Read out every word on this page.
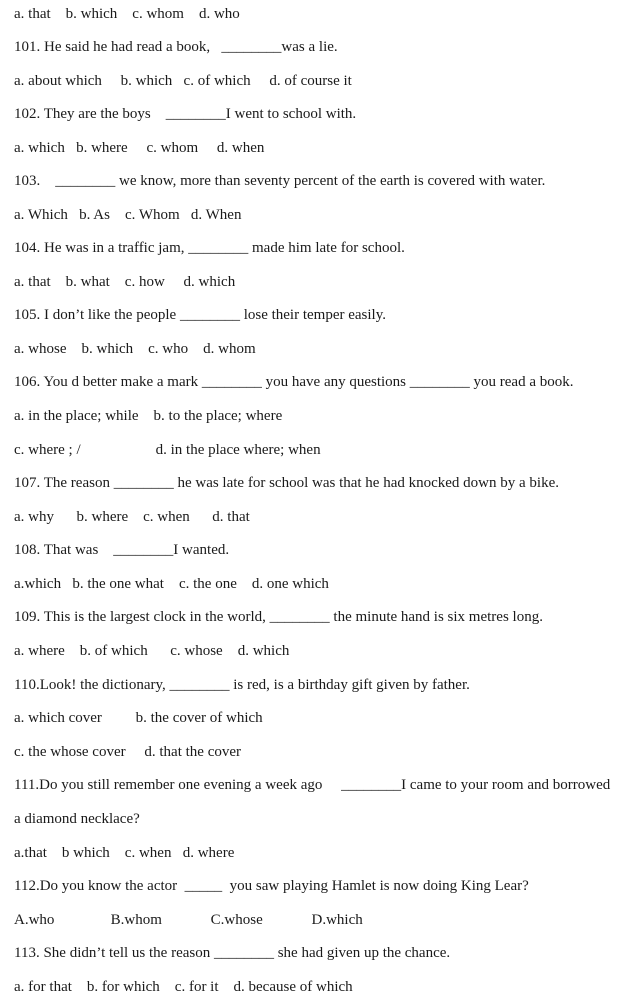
a. that    b. which    c. whom    d. who
101. He said he had read a book,   ________was a lie.
a. about which     b. which   c. of which     d. of course it
102. They are the boys    ________I went to school with.
a. which   b. where     c. whom     d. when
103.    ________ we know, more than seventy percent of the earth is covered with water.
a. Which   b. As    c. Whom   d. When
104. He was in a traffic jam, ________ made him late for school.
a. that    b. what    c. how     d. which
105. I don’t like the people ________ lose their temper easily.
a. whose    b. which    c. who    d. whom
106. You d better make a mark ________ you have any questions ________ you read a book.
a. in the place; while    b. to the place; where
c. where ; /                    d. in the place where; when
107. The reason ________ he was late for school was that he had knocked down by a bike.
a. why      b. where    c. when      d. that
108. That was    ________I wanted.
a.which   b. the one what    c. the one    d. one which
109. This is the largest clock in the world, ________ the minute hand is six metres long.
a. where    b. of which      c. whose    d. which
110.Look! the dictionary, ________ is red, is a birthday gift given by father.
a. which cover         b. the cover of which
c. the whose cover     d. that the cover
111.Do you still remember one evening a week ago     ________I came to your room and borrowed
a diamond necklace?
a.that    b which    c. when   d. where
112.Do you know the actor  _____  you saw playing Hamlet is now doing King Lear?
A.who               B.whom             C.whose             D.which
113. She didn’t tell us the reason ________ she had given up the chance.
a. for that    b. for which    c. for it    d. because of which
